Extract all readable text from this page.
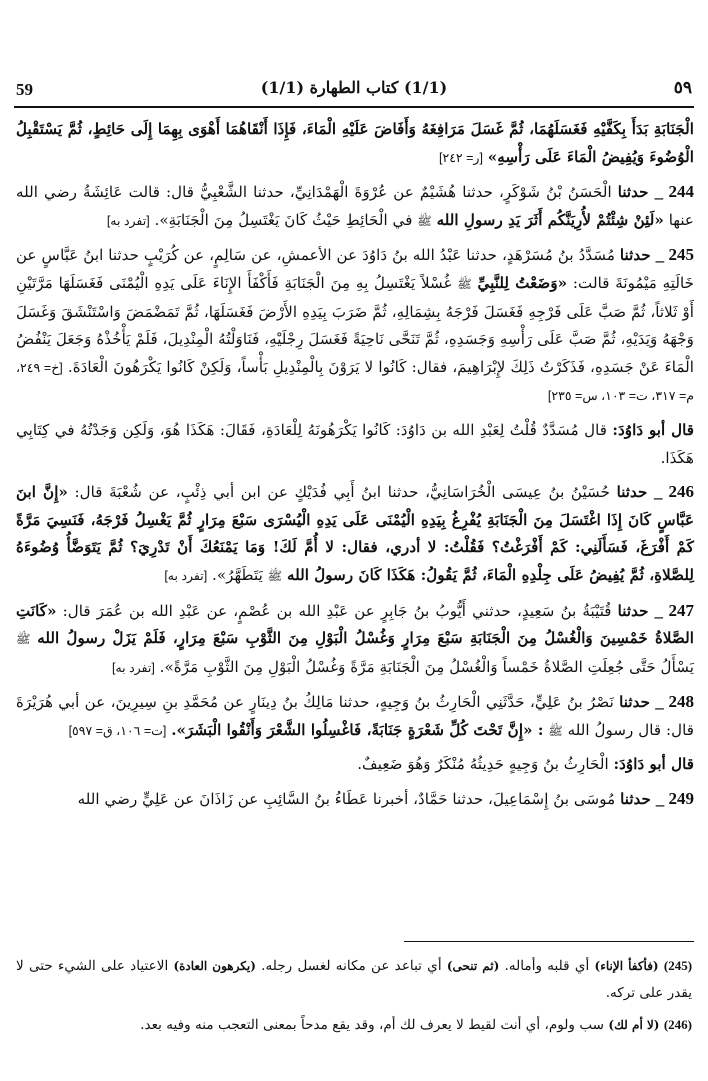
59	(1/1) كتاب الطهارة (1/1)	٥٩

الْجَنَابَةِ بَدَأَ بِكَفَّيْهِ فَغَسَلَهُمَا، ثُمَّ غَسَلَ مَرَافِغَهُ وَأَفَاضَ عَلَيْهِ الْمَاءَ، فَإِذَا أَنْقَاهُمَا أَهْوَى بِهِمَا إِلَى حَائِطٍ، ثُمَّ يَسْتَقْبِلُ الْوُضُوءَ وَيُفِيضُ الْمَاءَ عَلَى رَأْسِهِ» [ر= ٢٤٢]

244 _ حدثنا الْحَسَنُ بْنُ شَوْكَرٍ، حدثنا هُشَيْمٌ عن عُرْوَةَ الْهَمْدَانِيِّ، حدثنا الشَّعْبِيُّ قال: قالت عَائِشَةُ رضي الله عنها «لَئِنْ شِئْتُمْ لأُرِيَنَّكُم أَثَرَ يَدِ رسولِ الله ﷺ في الْحَائِطِ حَيْثُ كَانَ يَغْتَسِلُ مِنَ الْجَنَابَةِ». [تفرد به]

245 _ حدثنا مُسَدَّدُ بنُ مُسَرْهَدٍ، حدثنا عَبْدُ الله بنُ دَاوُدَ عن الأعمشِ، عن سَالِمٍ، عن كُرَيْبٍ حدثنا ابنُ عَبَّاسٍ عن خَالَتِهِ مَيْمُونَةَ قالت: «وَضَعْتُ لِلنَّبِيِّ ﷺ غُسْلاً يَغْتَسِلُ بِهِ مِنَ الْجَنَابَةِ فَأَكْفَأَ الإِنَاءَ عَلَى يَدِهِ الْيُمْنَى فَغَسَلَهَا مَرَّتَيْنِ أَوْ ثَلاثاً، ثُمَّ صَبَّ عَلَى فَرْجِهِ فَغَسَلَ فَرْجَهُ بِشِمَالِهِ، ثُمَّ ضَرَبَ بِيَدِهِ الأَرْضَ فَغَسَلَهَا، ثُمَّ تَمَضْمَضَ وَاسْتَنْشَقَ وَغَسَلَ وَجْهَهُ وَيَدَيْهِ، ثُمَّ صَبَّ عَلَى رَأْسِهِ وَجَسَدِهِ، ثُمَّ تَنَحَّى نَاحِيَةً فَغَسَلَ رِجْلَيْهِ، فَنَاوَلْتُهُ الْمِنْدِيلَ، فَلَمْ يَأْخُذْهُ وَجَعَلَ يَنْفُضُ الْمَاءَ عَنْ جَسَدِهِ، فَذَكَرْتُ ذَلِكَ لإِبْرَاهِيمَ، فقال: كَانُوا لا يَرَوْنَ بِالْمِنْدِيلِ بَأْساً، وَلَكِنْ كَانُوا يَكْرَهُونَ الْعَادَةَ. [خ= ٢٤٩، م= ٣١٧، ت= ١٠٣، س= ٢٣٥]

قال أبو دَاوُدَ: قال مُسَدَّدٌ قُلْتُ لِعَبْدِ الله بن دَاوُدَ: كَانُوا يَكْرَهُونَهُ لِلْعَادَةِ، فَقَالَ: هَكَذَا هُوَ، وَلَكِن وَجَدْتُهُ في كِتَابِي هَكَذَا.

246 _ حدثنا حُسَيْنُ بنُ عِيسَى الْخُرَاسَانِيُّ، حدثنا ابنُ أَبِي فُدَيْكٍ عن ابن أبي ذِئْبٍ، عن شُعْبَةَ قال: «إِنَّ ابنَ عَبَّاسٍ كَانَ إِذَا اغْتَسَلَ مِنَ الْجَنَابَةِ يُفْرِغُ بِيَدِهِ الْيُمْنَى عَلَى يَدِهِ الْيُسْرَى سَبْعَ مِرَارٍ ثُمَّ يَغْسِلُ فَرْجَهُ، فَنَسِيَ مَرَّةً كَمْ أَفْرَغَ، فَسَأَلَنِي: كَمْ أَفْرَغْتُ؟ فَقُلْتُ: لا أدري، فقال: لا أُمَّ لَكَ! وَمَا يَمْنَعُكَ أَنْ تَدْرِيَ؟ ثُمَّ يَتَوَضَّأُ وُضُوءَهُ لِلصَّلاةِ، ثُمَّ يُفِيضُ عَلَى جِلْدِهِ الْمَاءَ، ثُمَّ يَقُولُ: هَكَذَا كَانَ رسولُ الله ﷺ يَتَطَهَّرُ». [تفرد به]

247 _ حدثنا قُتَيْبَةُ بنُ سَعِيدٍ، حدثني أَيُّوبُ بنُ جَابِرٍ عن عَبْدِ الله بن عُصْمٍ، عن عَبْدِ الله بن عُمَرَ قال: «كَانَتِ الصَّلاةُ خَمْسِينَ وَالْغُسْلُ مِنَ الْجَنَابَةِ سَبْعَ مِرَارٍ وَغُسْلُ الْبَوْلِ مِنَ الثَّوْبِ سَبْعَ مِرَارٍ، فَلَمْ يَزَلْ رسولُ الله ﷺ يَسْأَلُ حَتَّى جُعِلَتِ الصَّلاةُ خَمْساً وَالْغُسْلُ مِنَ الْجَنَابَةِ مَرَّةً وَغُسْلُ الْبَوْلِ مِنَ الثَّوْبِ مَرَّةً». [تفرد به]

248 _ حدثنا نَصْرُ بنُ عَلِيٍّ، حَدَّثَنِي الْحَارِثُ بنُ وَجِيهٍ، حدثنا مَالِكُ بنُ دِينَارٍ عن مُحَمَّدِ بنِ سِيرِينَ، عن أبي هُرَيْرَةَ قال: قال رسولُ الله ﷺ : «إِنَّ تَحْتَ كُلِّ شَعْرَةٍ جَنَابَةً، فَاغْسِلُوا الشَّعْرَ وَأَنْقُوا الْبَشَرَ». [ت= ١٠٦، ق= ٥٩٧]

قال أبو دَاوُدَ: الْحَارِثُ بنُ وَجِيهٍ حَدِيثُهُ مُنْكَرٌ وَهُوَ ضَعِيفٌ.

249 _ حدثنا مُوسَى بنُ إِسْمَاعِيلَ، حدثنا حَمَّادٌ، أخبرنا عَطَاءُ بنُ السَّائِبِ عن زَاذَانَ عن عَلِيٍّ رضي الله

(245) (فأكفأ الإناء) أي قلبه وأماله. (ثم تنحى) أي تباعد عن مكانه لغسل رجله. (يكرهون العادة) الاعتياد على الشيء حتى لا يقدر على تركه.

(246) (لا أم لك) سب ولوم، أي أنت لقيط لا يعرف لك أم، وقد يقع مدحاً بمعنى التعجب منه وفيه بعد.
